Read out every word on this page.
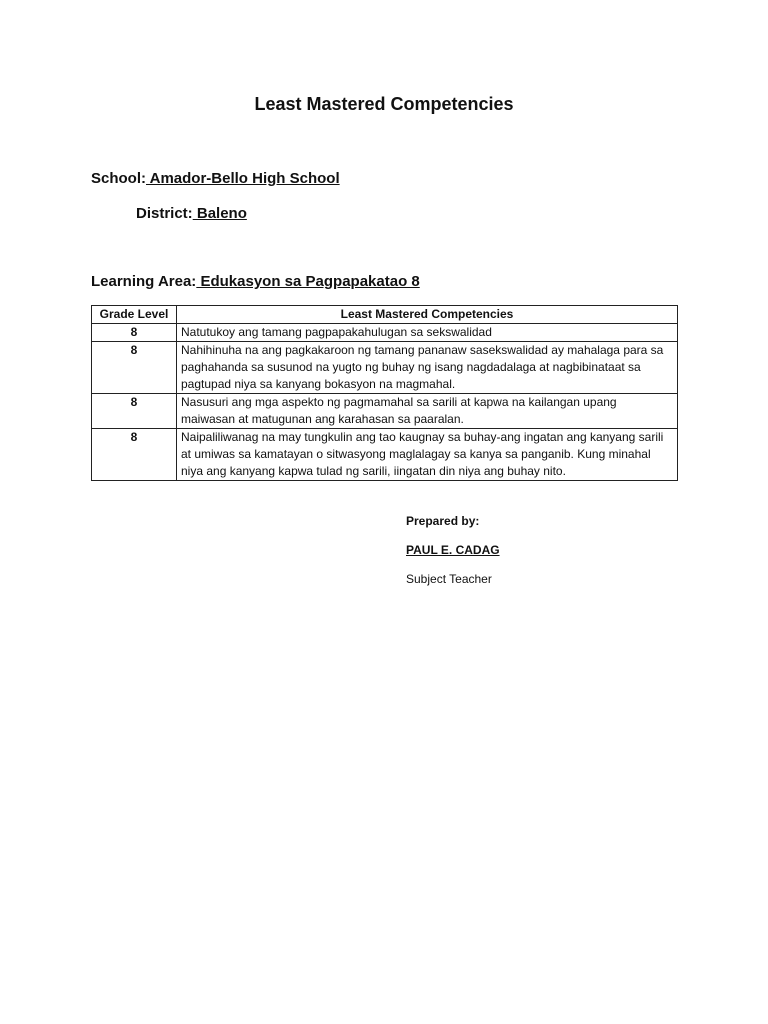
Least Mastered Competencies
School: Amador-Bello High School
District: Baleno
Learning Area: Edukasyon sa Pagpapakatao 8
Grade Level	Least Mastered Competencies
8	Natutukoy ang tamang pagpapakahulugan sa sekswalidad
8	Nahihinuha na ang pagkakaroon ng tamang pananaw sasekswalidad ay mahalaga para sa paghahanda sa susunod na yugto ng buhay ng isang nagdadalaga at nagbibinataat sa pagtupad niya sa kanyang bokasyon na magmahal.
8	Nasusuri ang mga aspekto ng pagmamahal sa sarili at kapwa na kailangan upang maiwasan at matugunan ang karahasan sa paaralan.
8	Naipaliliwanag na may tungkulin ang tao kaugnay sa buhay-ang ingatan ang kanyang sarili at umiwas sa kamatayan o sitwasyong maglalagay sa kanya sa panganib. Kung minahal niya ang kanyang kapwa tulad ng sarili, iingatan din niya ang buhay nito.
Prepared by:
PAUL E. CADAG
Subject Teacher
